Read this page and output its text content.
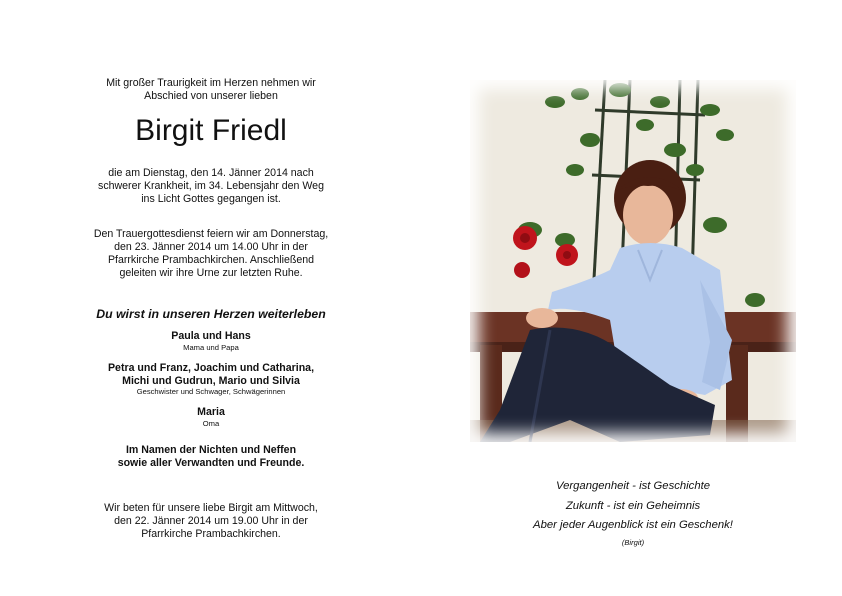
Mit großer Traurigkeit im Herzen nehmen wir
Abschied von unserer lieben
Birgit Friedl
die am Dienstag, den 14. Jänner 2014 nach
schwerer Krankheit, im 34. Lebensjahr den Weg
ins Licht Gottes gegangen ist.
Den Trauergottesdienst feiern wir am Donnerstag,
den 23. Jänner 2014 um 14.00 Uhr in der
Pfarrkirche Prambachkirchen. Anschließend
geleiten wir ihre Urne zur letzten Ruhe.
Du wirst in unseren Herzen weiterleben
Paula und Hans
Mama und Papa
Petra und Franz, Joachim und Catharina,
Michi und Gudrun, Mario und Silvia
Geschwister und Schwager, Schwägerinnen
Maria
Oma
Im Namen der Nichten und Neffen
sowie aller Verwandten und Freunde.
Wir beten für unsere liebe Birgit am Mittwoch,
den 22. Jänner 2014 um 19.00 Uhr in der
Pfarrkirche Prambachkirchen.
Vergangenheit - ist Geschichte
Zukunft - ist ein Geheimnis
Aber jeder Augenblick ist ein Geschenk!
(Birgit)
